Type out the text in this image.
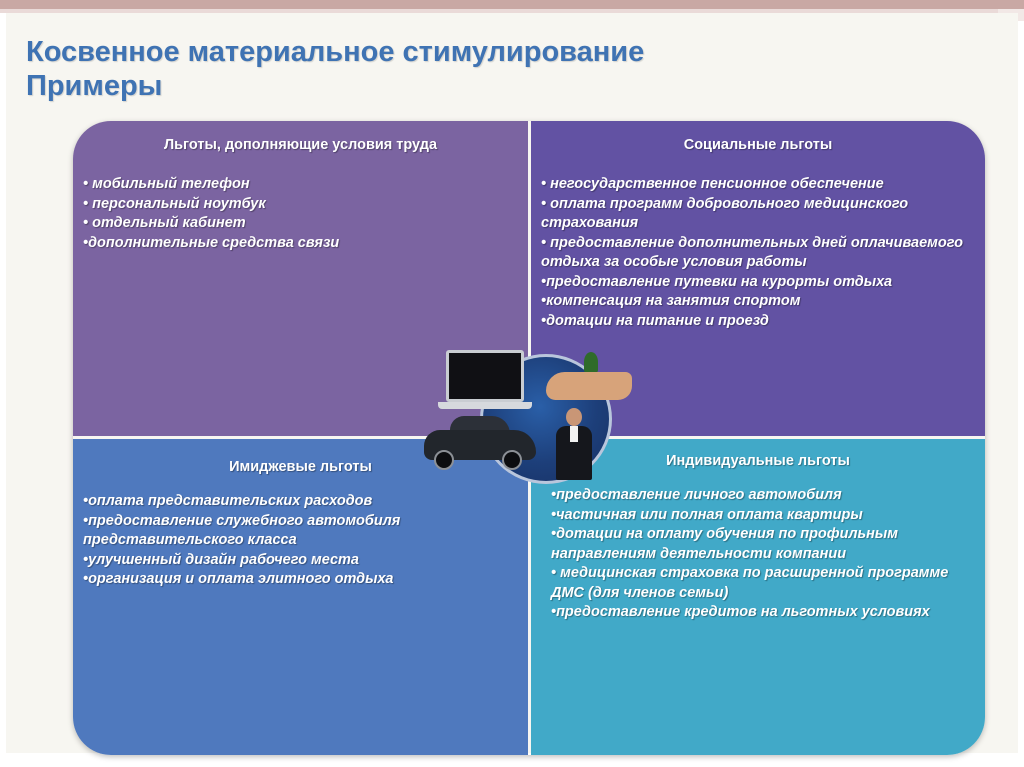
Косвенное материальное стимулирование
Примеры
Льготы, дополняющие условия труда
• мобильный телефон
• персональный ноутбук
• отдельный кабинет
•дополнительные средства связи
Социальные льготы
• негосударственное пенсионное обеспечение
• оплата программ добровольного медицинского страхования
• предоставление дополнительных дней оплачиваемого отдыха за особые условия работы
•предоставление путевки на курорты отдыха
•компенсация на занятия спортом
•дотации на питание и проезд
Имиджевые льготы
•оплата представительских расходов
•предоставление служебного автомобиля представительского класса
•улучшенный дизайн рабочего места
•организация и оплата элитного отдыха
Индивидуальные льготы
•предоставление личного автомобиля
•частичная или полная оплата квартиры
•дотации на оплату обучения по профильным направлениям деятельности компании
• медицинская страховка по расширенной программе ДМС (для членов семьи)
•предоставление кредитов на льготных условиях
